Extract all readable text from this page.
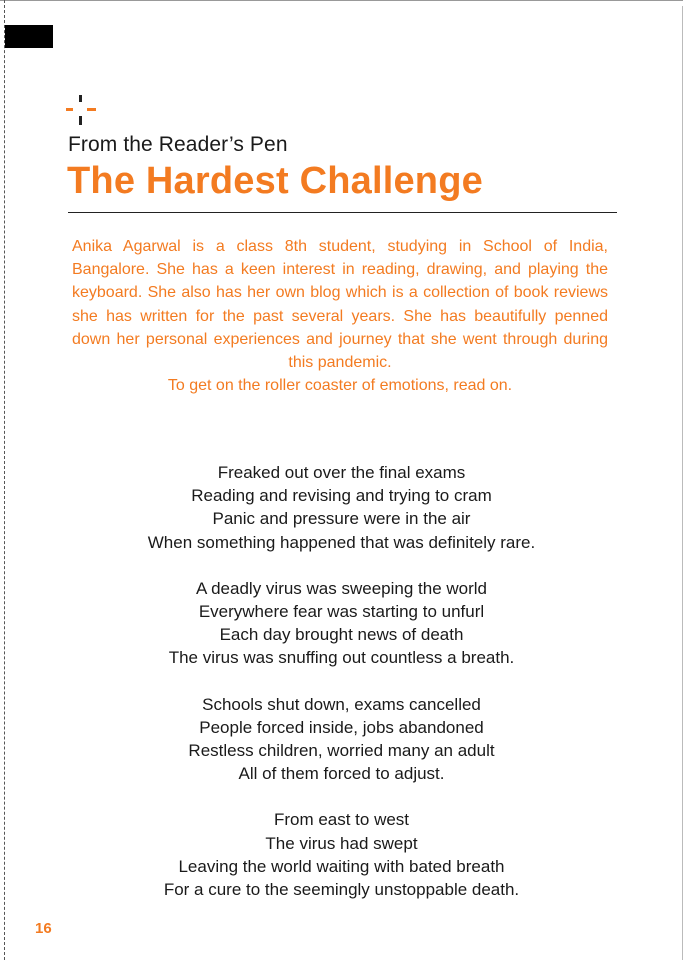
From the Reader’s Pen
The Hardest Challenge

Anika Agarwal is a class 8th student, studying in School of India, Bangalore. She has a keen interest in reading, drawing, and playing the keyboard. She also has her own blog which is a collection of book reviews she has written for the past several years. She has beautifully penned down her personal experiences and journey that she went through during this pandemic.

To get on the roller coaster of emotions, read on.

Freaked out over the final exams
Reading and revising and trying to cram
Panic and pressure were in the air
When something happened that was definitely rare.
A deadly virus was sweeping the world
Everywhere fear was starting to unfurl
Each day brought news of death
The virus was snuffing out countless a breath.
Schools shut down, exams cancelled
People forced inside, jobs abandoned
Restless children, worried many an adult
All of them forced to adjust.
From east to west
The virus had swept
Leaving the world waiting with bated breath
For a cure to the seemingly unstoppable death.
16
